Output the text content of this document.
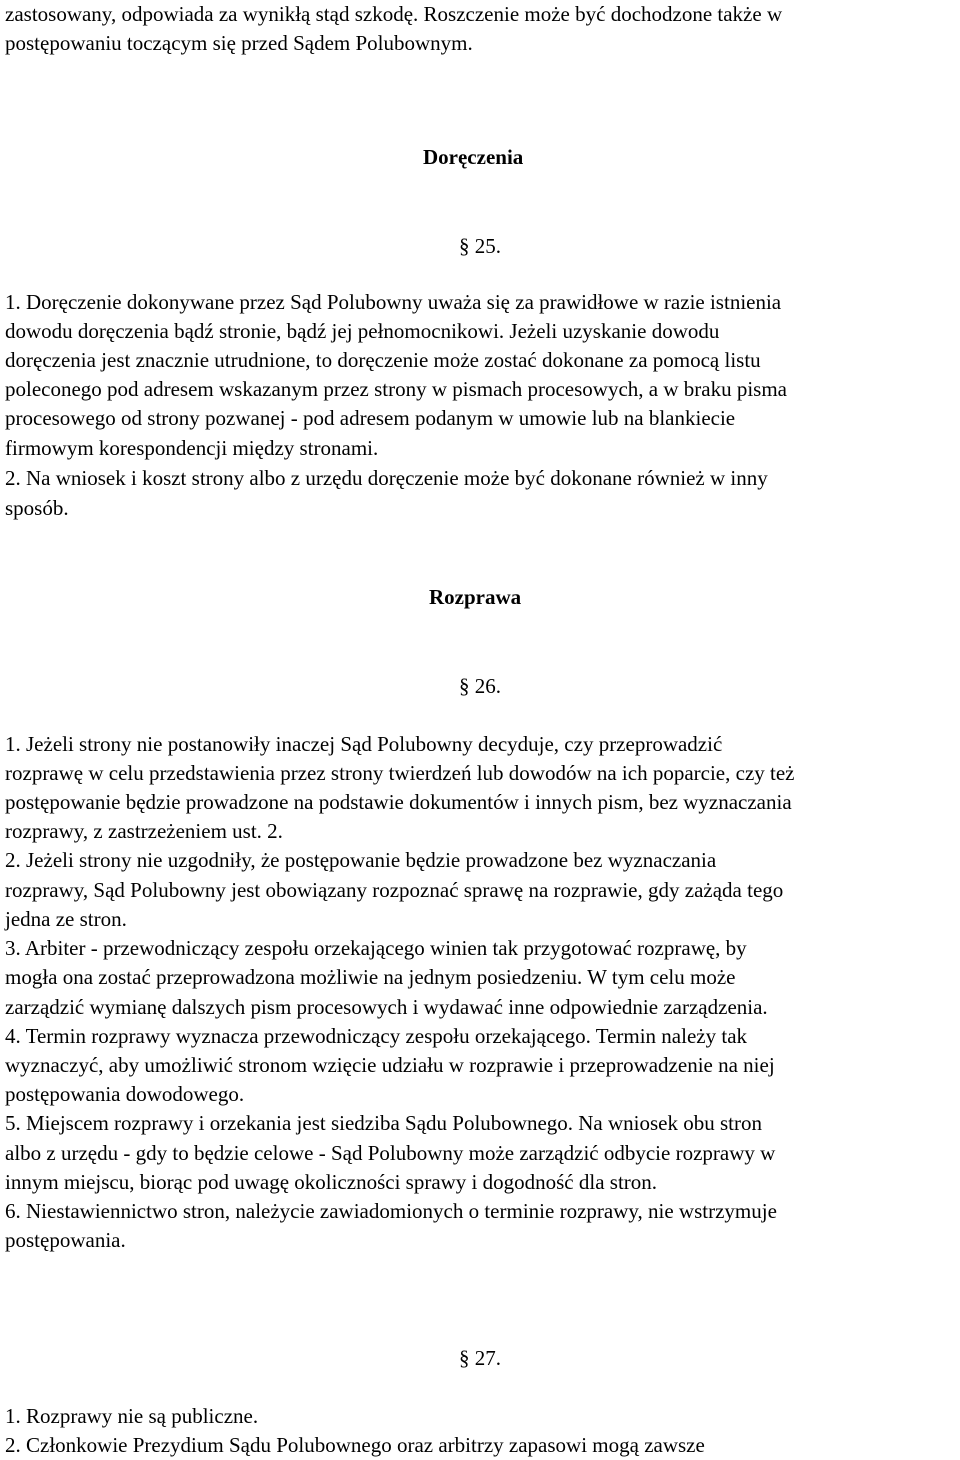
zastosowany, odpowiada za wynikłą stąd szkodę. Roszczenie może być dochodzone także w
postępowaniu toczącym się przed Sądem Polubownym.
Doręczenia
§ 25.
1. Doręczenie dokonywane przez Sąd Polubowny uważa się za prawidłowe w razie istnienia
dowodu doręczenia bądź stronie, bądź jej pełnomocnikowi. Jeżeli uzyskanie dowodu
doręczenia jest znacznie utrudnione, to doręczenie może zostać dokonane za pomocą listu
poleconego pod adresem wskazanym przez strony w pismach procesowych, a w braku pisma
procesowego od strony pozwanej - pod adresem podanym w umowie lub na blankiecie
firmowym korespondencji między stronami.
2. Na wniosek i koszt strony albo z urzędu doręczenie może być dokonane również w inny
sposób.
Rozprawa
§ 26.
1. Jeżeli strony nie postanowiły inaczej Sąd Polubowny decyduje, czy przeprowadzić
rozprawę w celu przedstawienia przez strony twierdzeń lub dowodów na ich poparcie, czy też
postępowanie będzie prowadzone na podstawie dokumentów i innych pism, bez wyznaczania
rozprawy, z zastrzeżeniem ust. 2.
2. Jeżeli strony nie uzgodniły, że postępowanie będzie prowadzone bez wyznaczania
rozprawy, Sąd Polubowny jest obowiązany rozpoznać sprawę na rozprawie, gdy zażąda tego
jedna ze stron.
3. Arbiter - przewodniczący zespołu orzekającego winien tak przygotować rozprawę, by
mogła ona zostać przeprowadzona możliwie na jednym posiedzeniu. W tym celu może
zarządzić wymianę dalszych pism procesowych i wydawać inne odpowiednie zarządzenia.
4. Termin rozprawy wyznacza przewodniczący zespołu orzekającego. Termin należy tak
wyznaczyć, aby umożliwić stronom wzięcie udziału w rozprawie i przeprowadzenie na niej
postępowania dowodowego.
5. Miejscem rozprawy i orzekania jest siedziba Sądu Polubownego. Na wniosek obu stron
albo z urzędu - gdy to będzie celowe - Sąd Polubowny może zarządzić odbycie rozprawy w
innym miejscu, biorąc pod uwagę okoliczności sprawy i dogodność dla stron.
6. Niestawiennictwo stron, należycie zawiadomionych o terminie rozprawy, nie wstrzymuje
postępowania.
§ 27.
1. Rozprawy nie są publiczne.
2. Członkowie Prezydium Sądu Polubownego oraz arbitrzy zapasowi mogą zawsze
